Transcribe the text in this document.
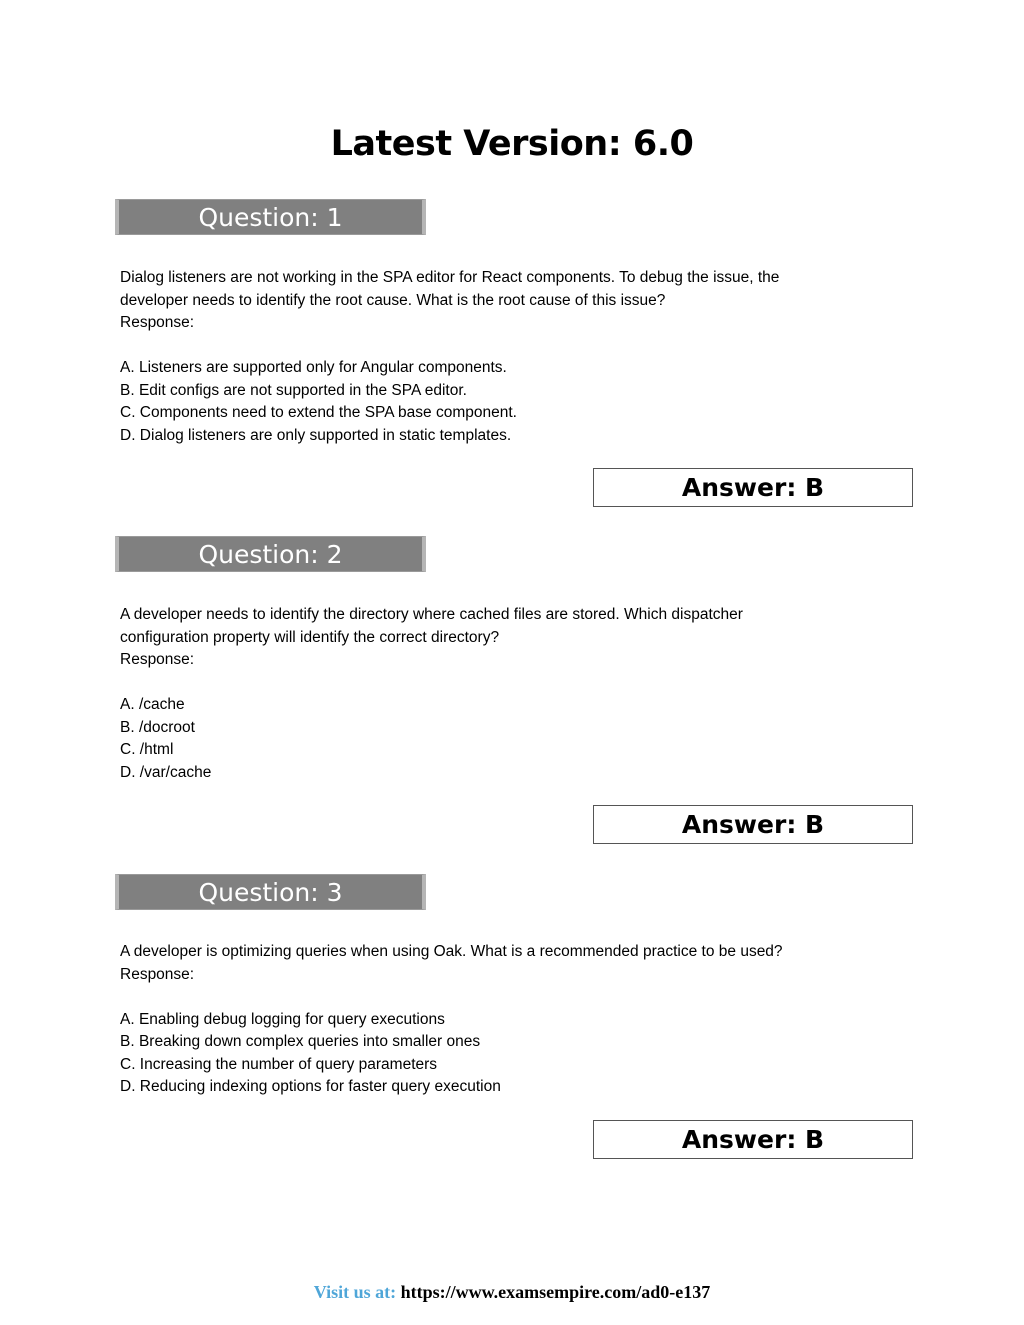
Latest Version: 6.0
Question: 1

Dialog listeners are not working in the SPA editor for React components. To debug the issue, the

developer needs to identify the root cause. What is the root cause of this issue?

Response:

A. Listeners are supported only for Angular components.
B. Edit configs are not supported in the SPA editor.
C. Components need to extend the SPA base component.
D. Dialog listeners are only supported in static templates.
Answer: B
Question: 2

A developer needs to identify the directory where cached files are stored. Which dispatcher

configuration property will identify the correct directory?

Response:

A. /cache
B. /docroot
C. /html
D. /var/cache
Answer: B
Question: 3

A developer is optimizing queries when using Oak. What is a recommended practice to be used?

Response:

A. Enabling debug logging for query executions
B. Breaking down complex queries into smaller ones
C. Increasing the number of query parameters
D. Reducing indexing options for faster query execution
Answer: B
Visit us at: https://www.examsempire.com/ad0-e137
